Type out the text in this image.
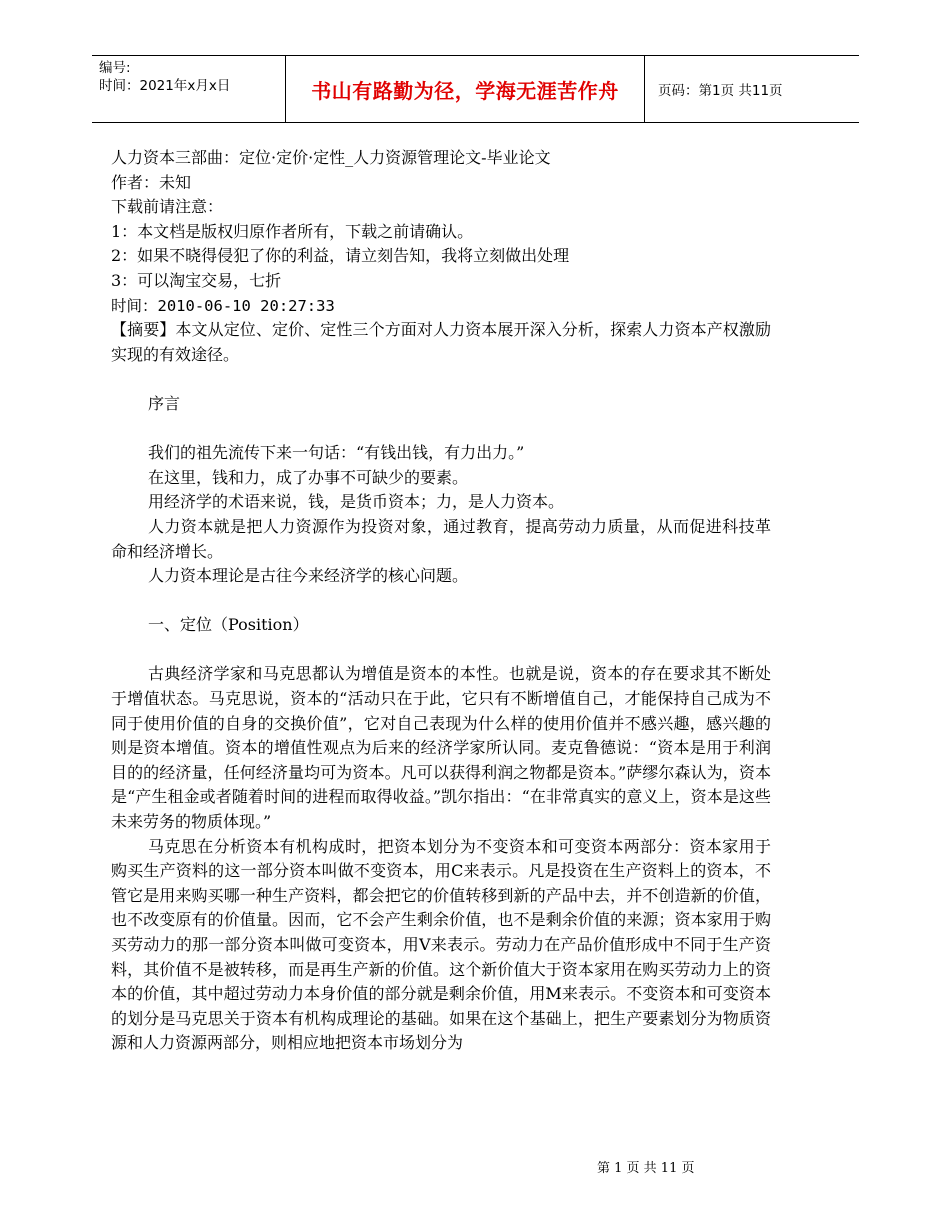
编号:
时间：2021年x月x日	书山有路勤为径，学海无涯苦作舟	页码：第1页 共11页
人力资本三部曲：定位·定价·定性_人力资源管理论文-毕业论文
作者：未知
下载前请注意：
1：本文档是版权归原作者所有，下载之前请确认。
2：如果不晓得侵犯了你的利益，请立刻告知，我将立刻做出处理
3：可以淘宝交易，七折
时间：2010-06-10 20:27:33
【摘要】本文从定位、定价、定性三个方面对人力资本展开深入分析，探索人力资本产权激励实现的有效途径。
序言
我们的祖先流传下来一句话：“有钱出钱，有力出力。”
在这里，钱和力，成了办事不可缺少的要素。
用经济学的术语来说，钱，是货币资本；力，是人力资本。
人力资本就是把人力资源作为投资对象，通过教育，提高劳动力质量，从而促进科技革命和经济增长。
人力资本理论是古往今来经济学的核心问题。
一、定位（Position）
古典经济学家和马克思都认为增值是资本的本性。也就是说，资本的存在要求其不断处于增值状态。马克思说，资本的“活动只在于此，它只有不断增值自己，才能保持自己成为不同于使用价值的自身的交换价值”，它对自己表现为什么样的使用价值并不感兴趣，感兴趣的则是资本增值。资本的增值性观点为后来的经济学家所认同。麦克鲁德说：“资本是用于利润目的的经济量，任何经济量均可为资本。凡可以获得利润之物都是资本。”萨缪尔森认为，资本是“产生租金或者随着时间的进程而取得收益。”凯尔指出：“在非常真实的意义上，资本是这些未来劳务的物质体现。”
马克思在分析资本有机构成时，把资本划分为不变资本和可变资本两部分：资本家用于购买生产资料的这一部分资本叫做不变资本，用C来表示。凡是投资在生产资料上的资本，不管它是用来购买哪一种生产资料，都会把它的价值转移到新的产品中去，并不创造新的价值，也不改变原有的价值量。因而，它不会产生剩余价值，也不是剩余价值的来源；资本家用于购买劳动力的那一部分资本叫做可变资本，用V来表示。劳动力在产品价值形成中不同于生产资料，其价值不是被转移，而是再生产新的价值。这个新价值大于资本家用在购买劳动力上的资本的价值，其中超过劳动力本身价值的部分就是剩余价值，用M来表示。不变资本和可变资本的划分是马克思关于资本有机构成理论的基础。如果在这个基础上，把生产要素划分为物质资源和人力资源两部分，则相应地把资本市场划分为
第 1 页 共 11 页
